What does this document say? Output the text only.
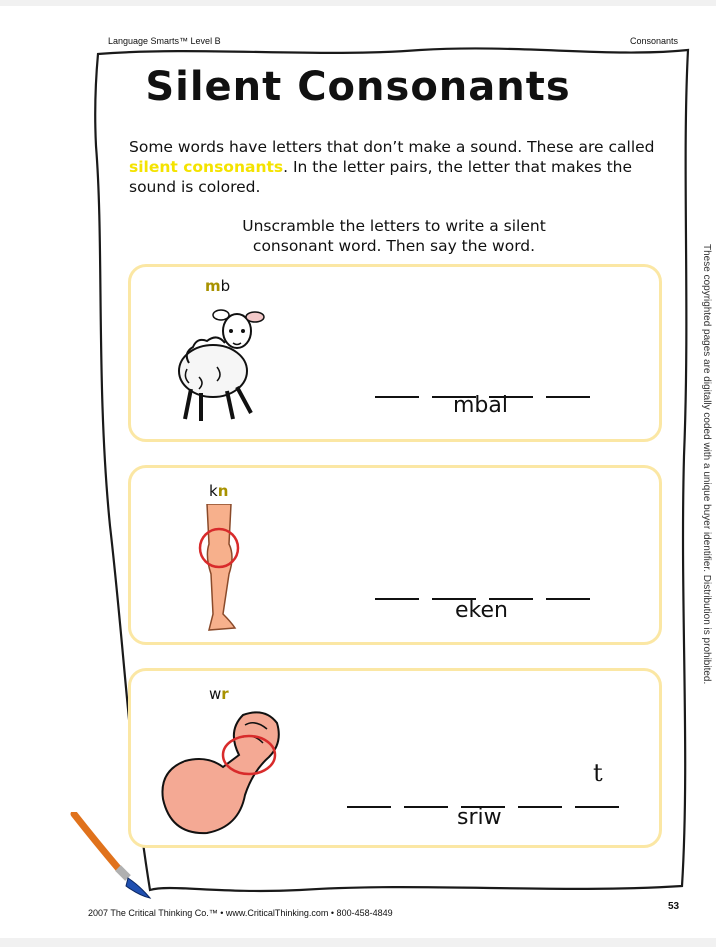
Language Smarts™ Level B	Consonants
Silent Consonants
Some words have letters that don’t make a sound. These are called silent consonants. In the letter pairs, the letter that makes the sound is colored.
Unscramble the letters to write a silent consonant word. Then say the word.
mb
mbal
kn
eken
wr
t
sriw
These copyrighted pages are digitally coded with a unique buyer identifier. Distribution is prohibited.
2007 The Critical Thinking Co.™ • www.CriticalThinking.com • 800-458-4849
53
